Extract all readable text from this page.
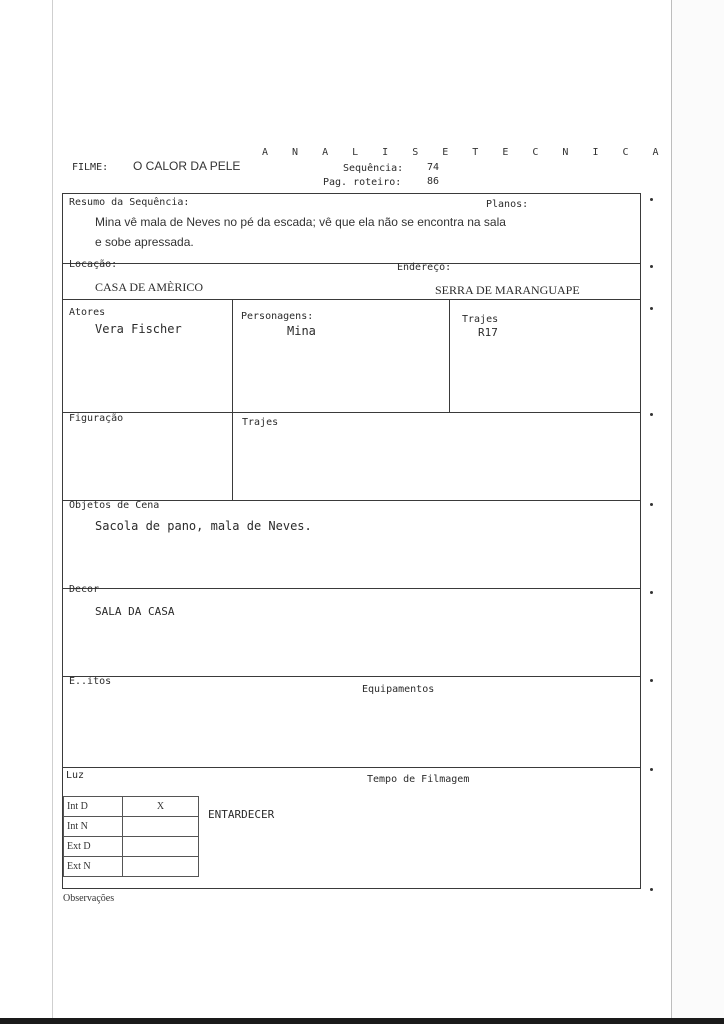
A N A L I S E T E C N I C A
FILME: O CALOR DA PELE	Sequência: 74
Pag. roteiro:	86
Resumo da Sequência:	Planos:
Mina vê mala de Neves no pé da escada; vê que ela não se encontra na sala
e sobe apressada.
Locação:	Endereço:
CASA DE AMÈRICO	SERRA DE MARANGUAPE
Atores
Vera Fischer
Personagens:
Mina
Trajes
R17
Figuração	Trajes
Objetos de Cena
Sacola de pano, mala de Neves.
Decor
SALA DA CASA
E..itos
Equipamentos
Luz	Tempo de Filmagem
Int D	X
Int N	
Ext D	
Ext N	
ENTARDECER
Observações
